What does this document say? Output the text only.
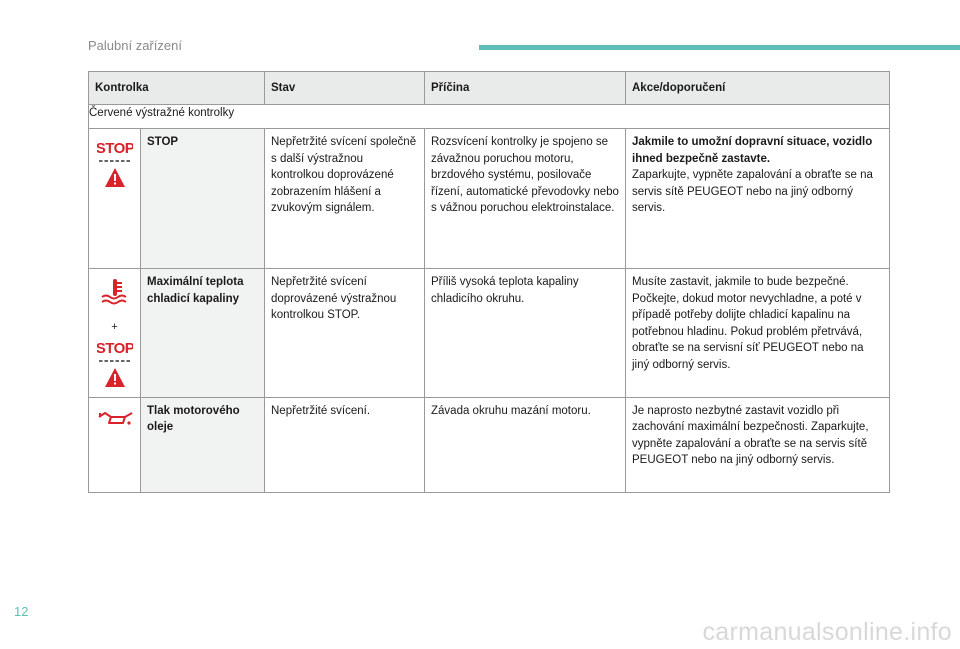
Palubní zařízení
Kontrolka		Stav	Příčina	Akce/doporučení
Červené výstražné kontrolky				

STOP	STOP	Nepřetržité svícení společně s další výstražnou kontrolkou doprovázené zobrazením hlášení a zvukovým signálem.	Rozsvícení kontrolky je spojeno se závažnou poruchou motoru, brzdového systému, posilovače řízení, automatické převodovky nebo s vážnou poruchou elektroinstalace.	Jakmile to umožní dopravní situace, vozidlo ihned bezpečně zastavte.
Zaparkujte, vypněte zapalování a obraťte se na servis sítě PEUGEOT nebo na jiný odborný servis.

+
STOP	Maximální teplota chladicí kapaliny	Nepřetržité svícení doprovázené výstražnou kontrolkou STOP.	Příliš vysoká teplota kapaliny chladicího okruhu.	Musíte zastavit, jakmile to bude bezpečné. Počkejte, dokud motor nevychladne, a poté v případě potřeby dolijte chladicí kapalinu na potřebnou hladinu. Pokud problém přetrvává, obraťte se na servisní síť PEUGEOT nebo na jiný odborný servis.
	Tlak motorového oleje	Nepřetržité svícení.	Závada okruhu mazání motoru.	Je naprosto nezbytné zastavit vozidlo při zachování maximální bezpečnosti. Zaparkujte, vypněte zapalování a obraťte se na servis sítě PEUGEOT nebo na jiný odborný servis.
12
carmanualsonline.info
